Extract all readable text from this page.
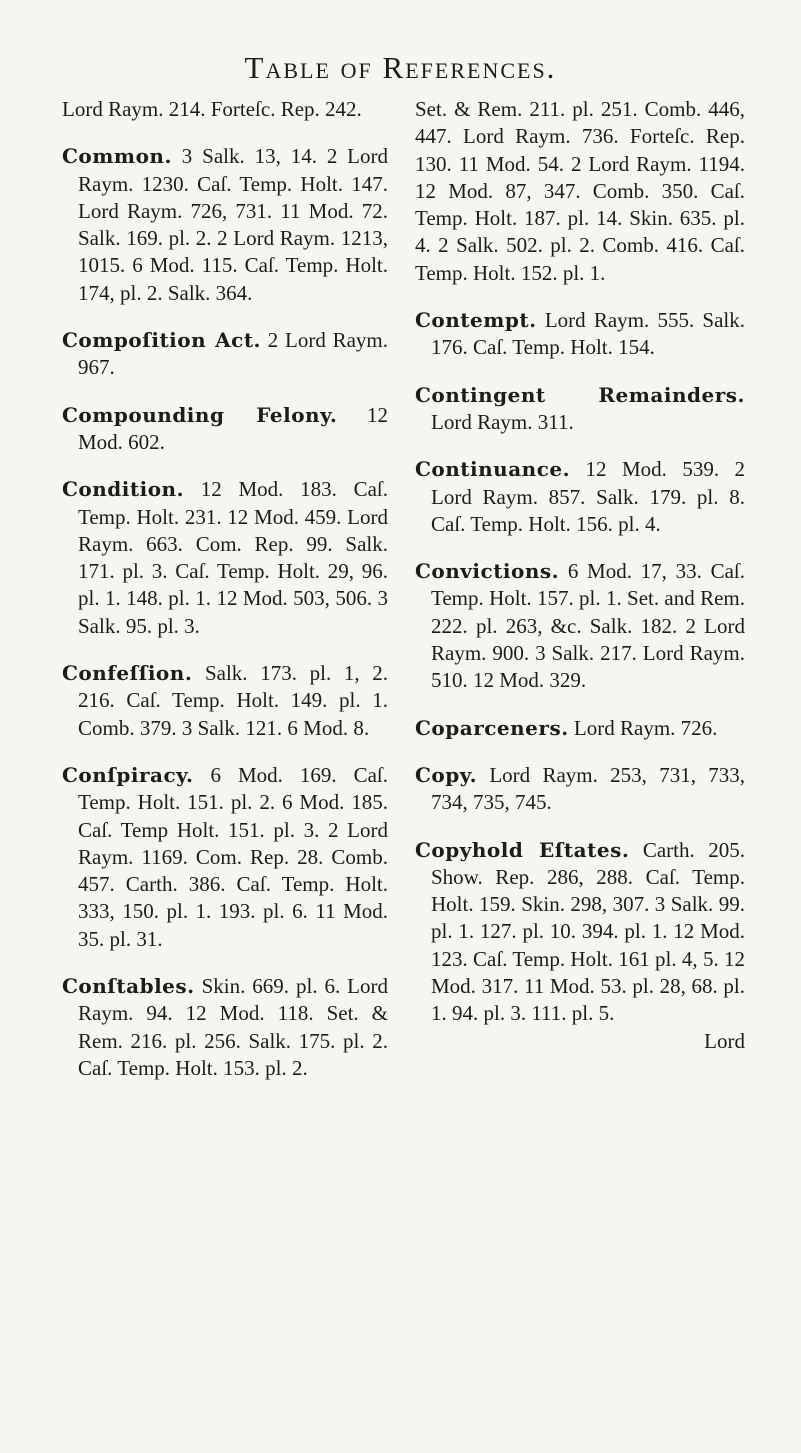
Table of References.

Lord Raym. 214. Forteſc. Rep. 242.

Common. 3 Salk. 13, 14. 2 Lord Raym. 1230. Caſ. Temp. Holt. 147. Lord Raym. 726, 731. 11 Mod. 72. Salk. 169. pl. 2. 2 Lord Raym. 1213, 1015. 6 Mod. 115. Caſ. Temp. Holt. 174, pl. 2. Salk. 364.

Compoſition Act. 2 Lord Raym. 967.

Compounding Felony. 12 Mod. 602.

Condition. 12 Mod. 183. Caſ. Temp. Holt. 231. 12 Mod. 459. Lord Raym. 663. Com. Rep. 99. Salk. 171. pl. 3. Caſ. Temp. Holt. 29, 96. pl. 1. 148. pl. 1. 12 Mod. 503, 506. 3 Salk. 95. pl. 3.

Confeſſion. Salk. 173. pl. 1, 2. 216. Caſ. Temp. Holt. 149. pl. 1. Comb. 379. 3 Salk. 121. 6 Mod. 8.

Conſpiracy. 6 Mod. 169. Caſ. Temp. Holt. 151. pl. 2. 6 Mod. 185. Caſ. Temp Holt. 151. pl. 3. 2 Lord Raym. 1169. Com. Rep. 28. Comb. 457. Carth. 386. Caſ. Temp. Holt. 333, 150. pl. 1. 193. pl. 6. 11 Mod. 35. pl. 31.

Conſtables. Skin. 669. pl. 6. Lord Raym. 94. 12 Mod. 118. Set. & Rem. 216. pl. 256. Salk. 175. pl. 2. Caſ. Temp. Holt. 153. pl. 2.

Set. & Rem. 211. pl. 251. Comb. 446, 447. Lord Raym. 736. Forteſc. Rep. 130. 11 Mod. 54. 2 Lord Raym. 1194. 12 Mod. 87, 347. Comb. 350. Caſ. Temp. Holt. 187. pl. 14. Skin. 635. pl. 4. 2 Salk. 502. pl. 2. Comb. 416. Caſ. Temp. Holt. 152. pl. 1.

Contempt. Lord Raym. 555. Salk. 176. Caſ. Temp. Holt. 154.

Contingent Remainders. Lord Raym. 311.

Continuance. 12 Mod. 539. 2 Lord Raym. 857. Salk. 179. pl. 8. Caſ. Temp. Holt. 156. pl. 4.

Convictions. 6 Mod. 17, 33. Caſ. Temp. Holt. 157. pl. 1. Set. and Rem. 222. pl. 263, &c. Salk. 182. 2 Lord Raym. 900. 3 Salk. 217. Lord Raym. 510. 12 Mod. 329.

Coparceners. Lord Raym. 726.

Copy. Lord Raym. 253, 731, 733, 734, 735, 745.

Copyhold Eſtates. Carth. 205. Show. Rep. 286, 288. Caſ. Temp. Holt. 159. Skin. 298, 307. 3 Salk. 99. pl. 1. 127. pl. 10. 394. pl. 1. 12 Mod. 123. Caſ. Temp. Holt. 161 pl. 4, 5. 12 Mod. 317. 11 Mod. 53. pl. 28, 68. pl. 1. 94. pl. 3. 111. pl. 5.

Lord
